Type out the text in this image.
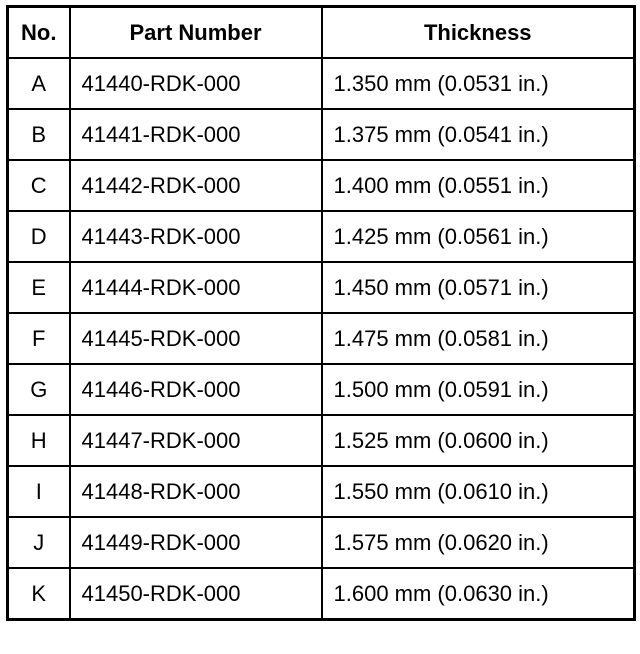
No.	Part Number	Thickness
A	41440-RDK-000	1.350 mm (0.0531 in.)
B	41441-RDK-000	1.375 mm (0.0541 in.)
C	41442-RDK-000	1.400 mm (0.0551 in.)
D	41443-RDK-000	1.425 mm (0.0561 in.)
E	41444-RDK-000	1.450 mm (0.0571 in.)
F	41445-RDK-000	1.475 mm (0.0581 in.)
G	41446-RDK-000	1.500 mm (0.0591 in.)
H	41447-RDK-000	1.525 mm (0.0600 in.)
I	41448-RDK-000	1.550 mm (0.0610 in.)
J	41449-RDK-000	1.575 mm (0.0620 in.)
K	41450-RDK-000	1.600 mm (0.0630 in.)
